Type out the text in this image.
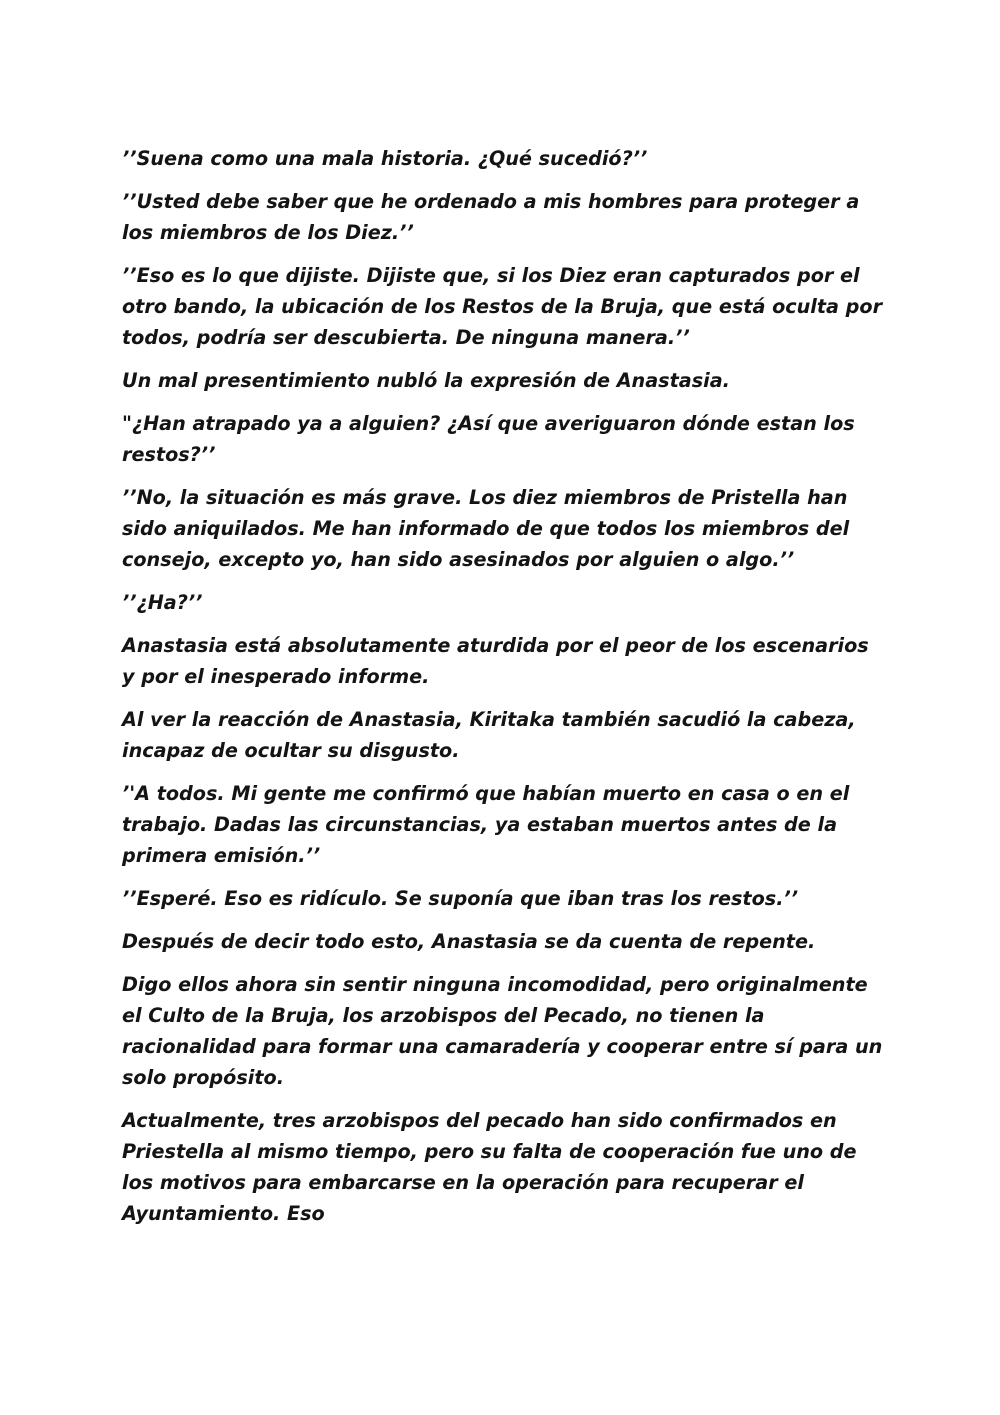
’’Suena como una mala historia. ¿Qué sucedió?’’

’’Usted debe saber que he ordenado a mis hombres para proteger a los miembros de los Diez.’’

’’Eso es lo que dijiste. Dijiste que, si los Diez eran capturados por el otro bando, la ubicación de los Restos de la Bruja, que está oculta por todos, podría ser descubierta. De ninguna manera.’’

Un mal presentimiento nubló la expresión de Anastasia.

"¿Han atrapado ya a alguien? ¿Así que averiguaron dónde estan los restos?’’

’’No, la situación es más grave. Los diez miembros de Pristella han sido aniquilados. Me han informado de que todos los miembros del consejo, excepto yo, han sido asesinados por alguien o algo.’’

’’¿Ha?’’

Anastasia está absolutamente aturdida por el peor de los escenarios y por el inesperado informe.

Al ver la reacción de Anastasia, Kiritaka también sacudió la cabeza, incapaz de ocultar su disgusto.

’'A todos. Mi gente me confirmó que habían muerto en casa o en el trabajo. Dadas las circunstancias, ya estaban muertos antes de la primera emisión.’’

’’Esperé. Eso es ridículo. Se suponía que iban tras los restos.’’

Después de decir todo esto, Anastasia se da cuenta de repente.

Digo ellos ahora sin sentir ninguna incomodidad, pero originalmente el Culto de la Bruja, los arzobispos del Pecado, no tienen la racionalidad para formar una camaradería y cooperar entre sí para un solo propósito.

Actualmente, tres arzobispos del pecado han sido confirmados en Priestella al mismo tiempo, pero su falta de cooperación fue uno de los motivos para embarcarse en la operación para recuperar el Ayuntamiento. Eso
